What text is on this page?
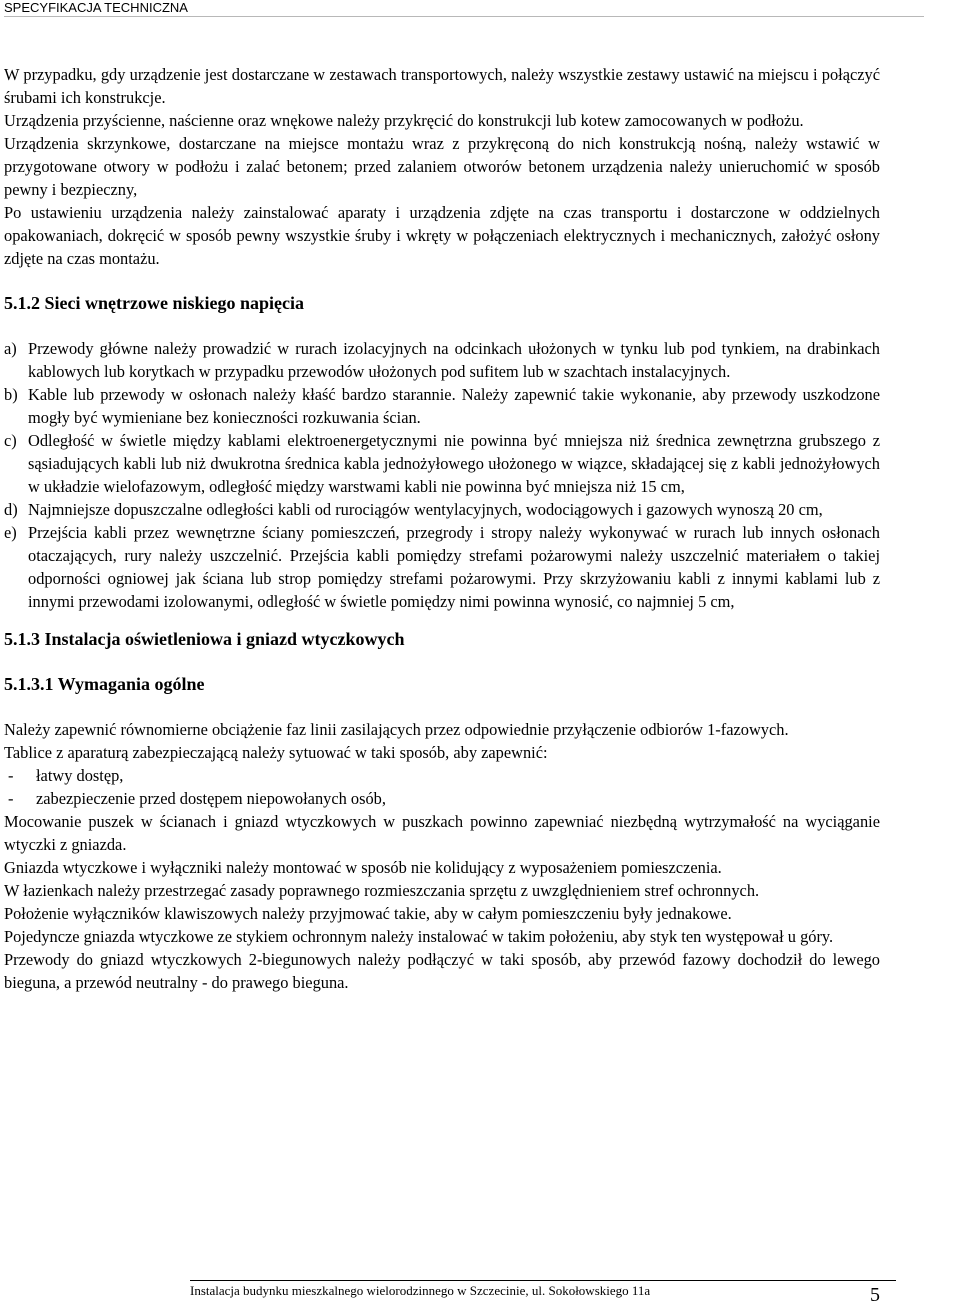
SPECYFIKACJA TECHNICZNA

W przypadku, gdy urządzenie jest dostarczane w zestawach transportowych, należy wszystkie zestawy ustawić na miejscu i połączyć śrubami ich konstrukcje.

Urządzenia przyścienne, naścienne oraz wnękowe należy przykręcić do konstrukcji lub kotew zamocowanych w podłożu.

Urządzenia skrzynkowe, dostarczane na miejsce montażu wraz z przykręconą do nich konstrukcją nośną, należy wstawić w przygotowane otwory w podłożu i zalać betonem; przed zalaniem otworów betonem urządzenia należy unieruchomić w sposób pewny i bezpieczny,

Po ustawieniu urządzenia należy zainstalować aparaty i urządzenia zdjęte na czas transportu i dostarczone w oddzielnych opakowaniach, dokręcić w sposób pewny wszystkie śruby i wkręty w połączeniach elektrycznych i mechanicznych, założyć osłony zdjęte na czas montażu.

5.1.2 Sieci wnętrzowe niskiego napięcia
a) Przewody główne należy prowadzić w rurach izolacyjnych na odcinkach ułożonych w tynku lub pod tynkiem, na drabinkach kablowych lub korytkach w przypadku przewodów ułożonych pod sufitem lub w szachtach instalacyjnych.
b) Kable lub przewody w osłonach należy kłaść bardzo starannie. Należy zapewnić takie wykonanie, aby przewody uszkodzone mogły być wymieniane bez konieczności rozkuwania ścian.
c) Odległość w świetle między kablami elektroenergetycznymi nie powinna być mniejsza niż średnica zewnętrzna grubszego z sąsiadujących kabli lub niż dwukrotna średnica kabla jednożyłowego ułożonego w wiązce, składającej się z kabli jednożyłowych w układzie wielofazowym, odległość między warstwami kabli nie powinna być mniejsza niż 15 cm,
d) Najmniejsze dopuszczalne odległości kabli od rurociągów wentylacyjnych, wodociągowych i gazowych wynoszą 20 cm,
e) Przejścia kabli przez wewnętrzne ściany pomieszczeń, przegrody i stropy należy wykonywać w rurach lub innych osłonach otaczających, rury należy uszczelnić. Przejścia kabli pomiędzy strefami pożarowymi należy uszczelnić materiałem o takiej odporności ogniowej jak ściana lub strop pomiędzy strefami pożarowymi. Przy skrzyżowaniu kabli z innymi kablami lub z innymi przewodami izolowanymi, odległość w świetle pomiędzy nimi powinna wynosić, co najmniej 5 cm,
5.1.3 Instalacja oświetleniowa i gniazd wtyczkowych
5.1.3.1 Wymagania ogólne

Należy zapewnić równomierne obciążenie faz linii zasilających przez odpowiednie przyłączenie odbiorów 1-fazowych.

Tablice z aparaturą zabezpieczającą należy sytuować w taki sposób, aby zapewnić:

-	łatwy dostęp,
-	zabezpieczenie przed dostępem niepowołanych osób,

Mocowanie puszek w ścianach i gniazd wtyczkowych w puszkach powinno zapewniać niezbędną wytrzymałość na wyciąganie wtyczki z gniazda.

Gniazda wtyczkowe i wyłączniki należy montować w sposób nie kolidujący z wyposażeniem pomieszczenia.

W łazienkach należy przestrzegać zasady poprawnego rozmieszczania sprzętu z uwzględnieniem stref ochronnych.

Położenie wyłączników klawiszowych należy przyjmować takie, aby w całym pomieszczeniu były jednakowe.

Pojedyncze gniazda wtyczkowe ze stykiem ochronnym należy instalować w takim położeniu, aby styk ten występował u góry.

Przewody do gniazd wtyczkowych 2-biegunowych należy podłączyć w taki sposób, aby przewód fazowy dochodził do lewego bieguna, a przewód neutralny - do prawego bieguna.

Instalacja budynku mieszkalnego wielorodzinnego w Szczecinie, ul. Sokołowskiego 11a	5
